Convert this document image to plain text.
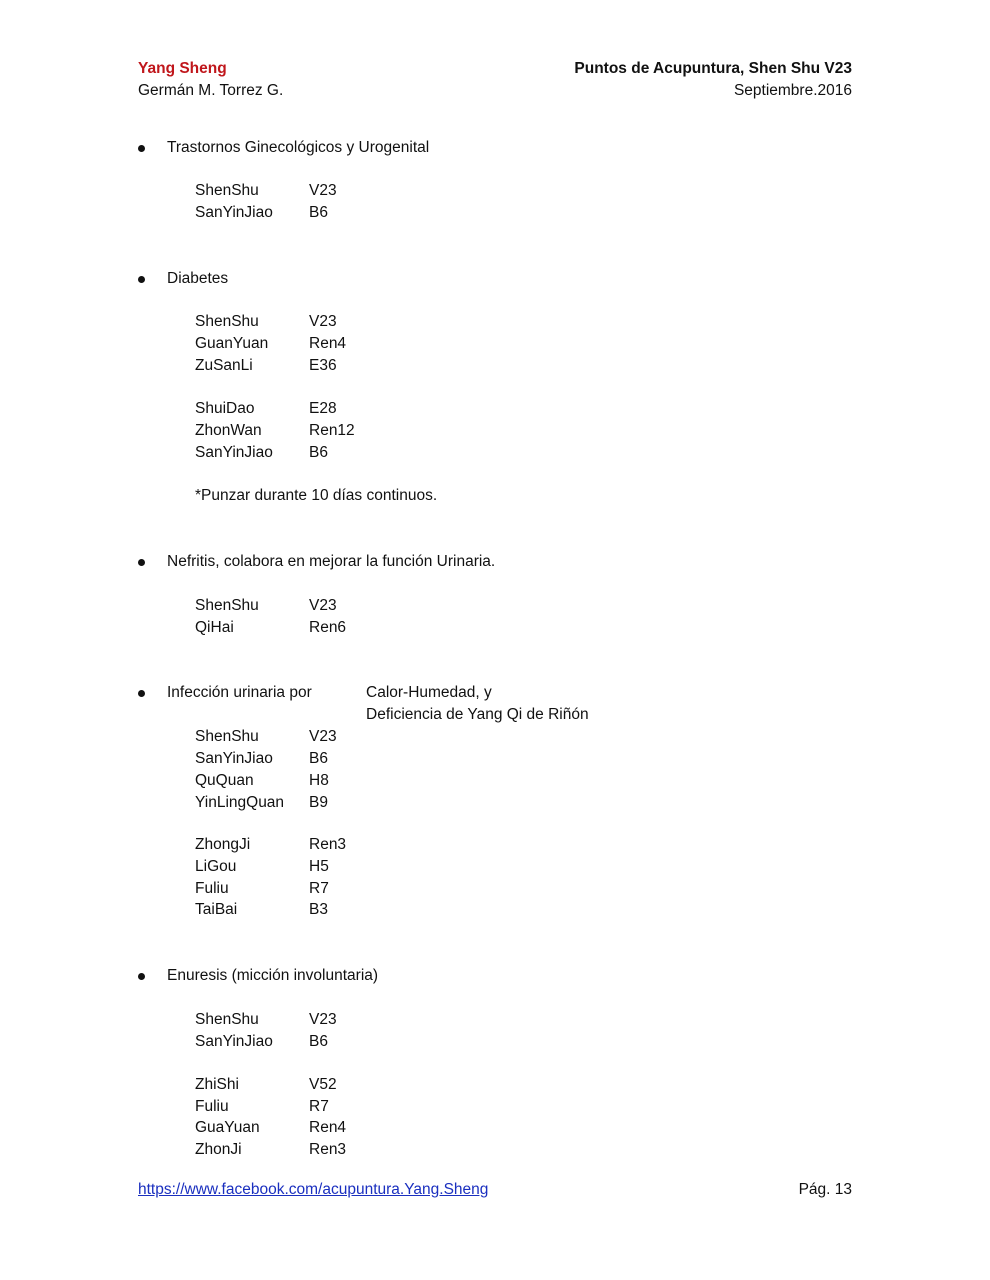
Yang Sheng	Puntos de Acupuntura, Shen Shu V23
Germán M. Torrez G.	Septiembre.2016
Trastornos Ginecológicos y Urogenital
ShenShu	V23
SanYinJiao B6
Diabetes
ShenShu	V23
GuanYuan	Ren4
ZuSanLi	E36
ShuiDao	E28
ZhonWan	Ren12
SanYinJiao B6
*Punzar durante 10 días continuos.
Nefritis, colabora en mejorar la función Urinaria.
ShenShu	V23
QiHai	Ren6
Infección urinaria por	Calor-Humedad, y
Deficiencia de Yang Qi de Riñón
ShenShu	V23
SanYinJiao B6
QuQuan	H8
YinLingQuan B9
ZhongJi	Ren3
LiGou	H5
Fuliu	R7
TaiBai	B3
Enuresis (micción involuntaria)
ShenShu	V23
SanYinJiao B6
ZhiShi	V52
Fuliu	R7
GuaYuan	Ren4
ZhonJi	Ren3
https://www.facebook.com/acupuntura.Yang.Sheng	Pág. 13
